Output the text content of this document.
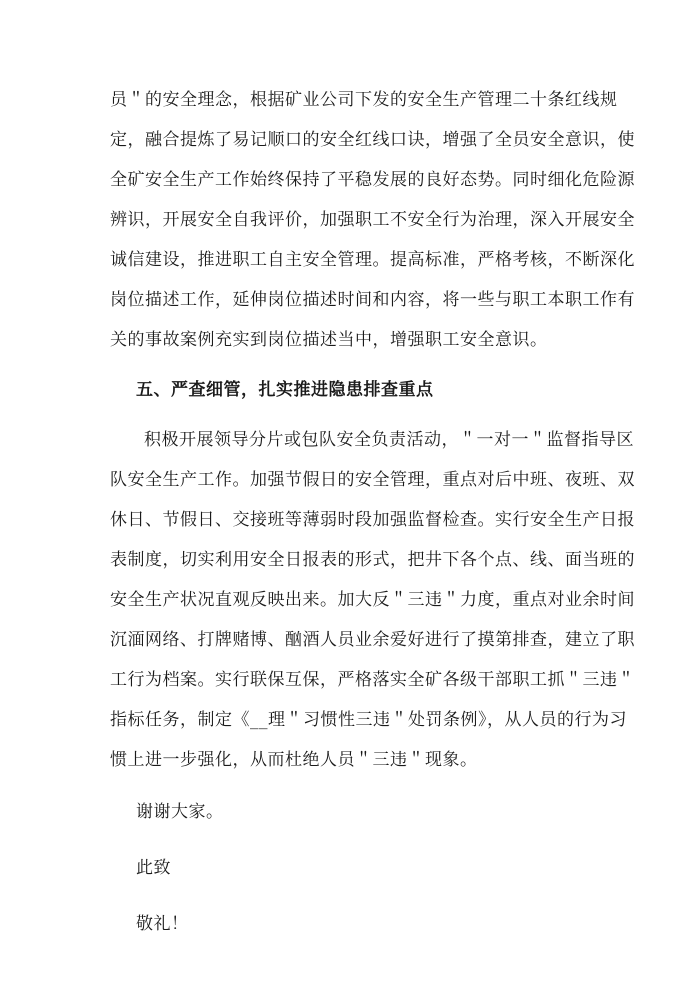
员＂的安全理念，根据矿业公司下发的安全生产管理二十条红线规
定，融合提炼了易记顺口的安全红线口诀，增强了全员安全意识，使
全矿安全生产工作始终保持了平稳发展的良好态势。同时细化危险源
辨识，开展安全自我评价，加强职工不安全行为治理，深入开展安全
诚信建设，推进职工自主安全管理。提高标准，严格考核，不断深化
岗位描述工作，延伸岗位描述时间和内容，将一些与职工本职工作有
关的事故案例充实到岗位描述当中，增强职工安全意识。

五、严查细管，扎实推进隐患排查重点

积极开展领导分片或包队安全负责活动，＂一对一＂监督指导区
队安全生产工作。加强节假日的安全管理，重点对后中班、夜班、双
休日、节假日、交接班等薄弱时段加强监督检查。实行安全生产日报
表制度，切实利用安全日报表的形式，把井下各个点、线、面当班的
安全生产状况直观反映出来。加大反＂三违＂力度，重点对业余时间
沉湎网络、打牌赌博、酗酒人员业余爱好进行了摸第排查，建立了职
工行为档案。实行联保互保，严格落实全矿各级干部职工抓＂三违＂
指标任务，制定《__理＂习惯性三违＂处罚条例》，从人员的行为习
惯上进一步强化，从而杜绝人员＂三违＂现象。

谢谢大家。

此致

敬礼！
